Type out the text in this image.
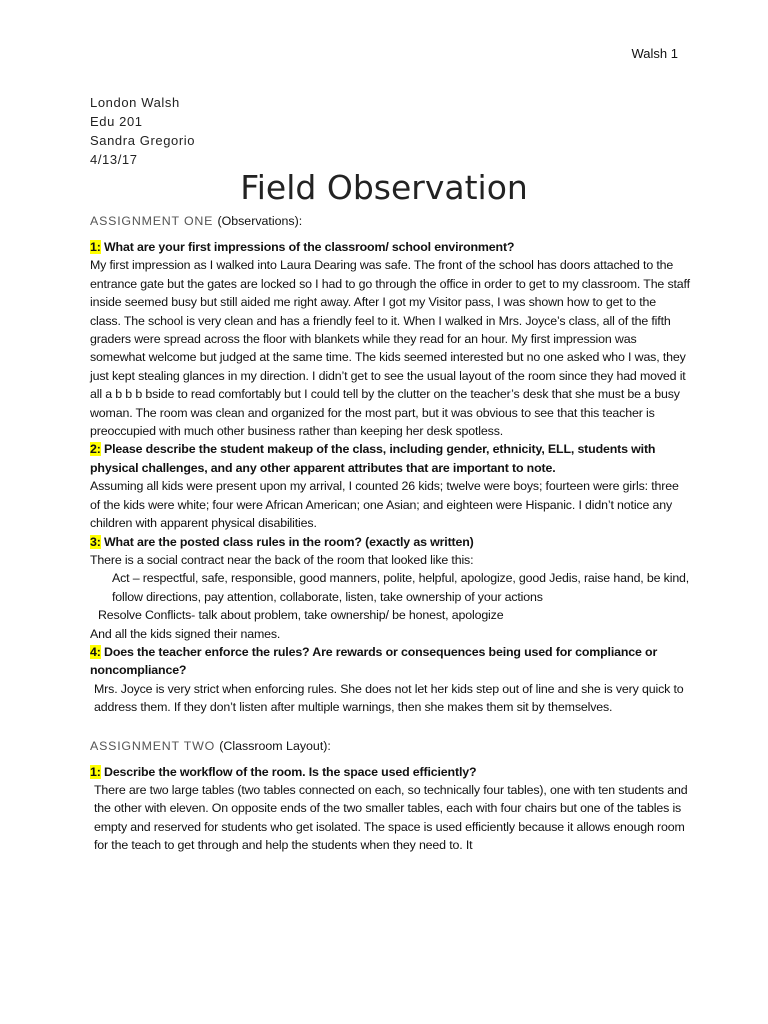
Walsh 1
London Walsh
Edu 201
Sandra Gregorio
4/13/17
Field Observation
ASSIGNMENT ONE (Observations):

1: What are your first impressions of the classroom/ school environment?

My first impression as I walked into Laura Dearing was safe. The front of the school has doors attached to the entrance gate but the gates are locked so I had to go through the office in order to get to my classroom. The staff inside seemed busy but still aided me right away. After I got my Visitor pass, I was shown how to get to the class. The school is very clean and has a friendly feel to it. When I walked in Mrs. Joyce’s class, all of the fifth graders were spread across the floor with blankets while they read for an hour. My first impression was somewhat welcome but judged at the same time. The kids seemed interested but no one asked who I was, they just kept stealing glances in my direction. I didn’t get to see the usual layout of the room since they had moved it all a b b b bside to read comfortably but I could tell by the clutter on the teacher’s desk that she must be a busy woman. The room was clean and organized for the most part, but it was obvious to see that this teacher is preoccupied with much other business rather than keeping her desk spotless.

2: Please describe the student makeup of the class, including gender, ethnicity, ELL, students with physical challenges, and any other apparent attributes that are important to note.

Assuming all kids were present upon my arrival, I counted 26 kids; twelve were boys; fourteen were girls: three of the kids were white; four were African American; one Asian; and eighteen were Hispanic. I didn’t notice any children with apparent physical disabilities.

3: What are the posted class rules in the room? (exactly as written)

There is a social contract near the back of the room that looked like this:

Act – respectful, safe, responsible, good manners, polite, helpful, apologize, good Jedis, raise hand, be kind, follow directions, pay attention, collaborate, listen, take ownership of your actions

Resolve Conflicts- talk about problem, take ownership/ be honest, apologize

And all the kids signed their names.

4: Does the teacher enforce the rules? Are rewards or consequences being used for compliance or noncompliance?

Mrs. Joyce is very strict when enforcing rules. She does not let her kids step out of line and she is very quick to address them. If they don’t listen after multiple warnings, then she makes them sit by themselves.

ASSIGNMENT TWO (Classroom Layout):

1: Describe the workflow of the room. Is the space used efficiently?

There are two large tables (two tables connected on each, so technically four tables), one with ten students and the other with eleven. On opposite ends of the two smaller tables, each with four chairs but one of the tables is empty and reserved for students who get isolated. The space is used efficiently because it allows enough room for the teach to get through and help the students when they need to. It
